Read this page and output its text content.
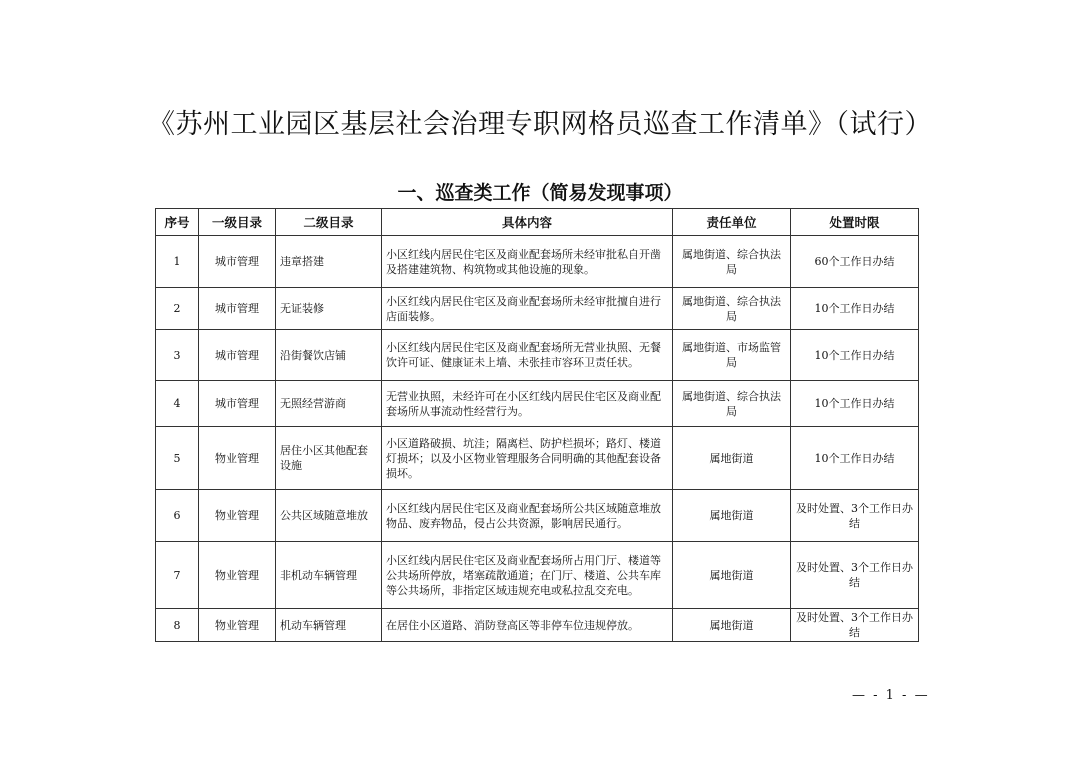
《苏州工业园区基层社会治理专职网格员巡查工作清单》（试行）
一、巡查类工作（简易发现事项）
序号	一级目录	二级目录	具体内容	责任单位	处置时限
1	城市管理	违章搭建	小区红线内居民住宅区及商业配套场所未经审批私自开凿及搭建建筑物、构筑物或其他设施的现象。	属地街道、综合执法局	60个工作日办结
2	城市管理	无证装修	小区红线内居民住宅区及商业配套场所未经审批擅自进行店面装修。	属地街道、综合执法局	10个工作日办结
3	城市管理	沿街餐饮店铺	小区红线内居民住宅区及商业配套场所无营业执照、无餐饮许可证、健康证未上墙、未张挂市容环卫责任状。	属地街道、市场监管局	10个工作日办结
4	城市管理	无照经营游商	无营业执照，未经许可在小区红线内居民住宅区及商业配套场所从事流动性经营行为。	属地街道、综合执法局	10个工作日办结
5	物业管理	居住小区其他配套设施	小区道路破损、坑洼；隔离栏、防护栏损坏；路灯、楼道灯损坏；以及小区物业管理服务合同明确的其他配套设备损坏。	属地街道	10个工作日办结
6	物业管理	公共区域随意堆放	小区红线内居民住宅区及商业配套场所公共区域随意堆放物品、废弃物品，侵占公共资源，影响居民通行。	属地街道	及时处置、3个工作日办结
7	物业管理	非机动车辆管理	小区红线内居民住宅区及商业配套场所占用门厅、楼道等公共场所停放，堵塞疏散通道；在门厅、楼道、公共车库等公共场所，非指定区域违规充电或私拉乱交充电。	属地街道	及时处置、3个工作日办结
8	物业管理	机动车辆管理	在居住小区道路、消防登高区等非停车位违规停放。	属地街道	及时处置、3个工作日办结
— - 1 - —
